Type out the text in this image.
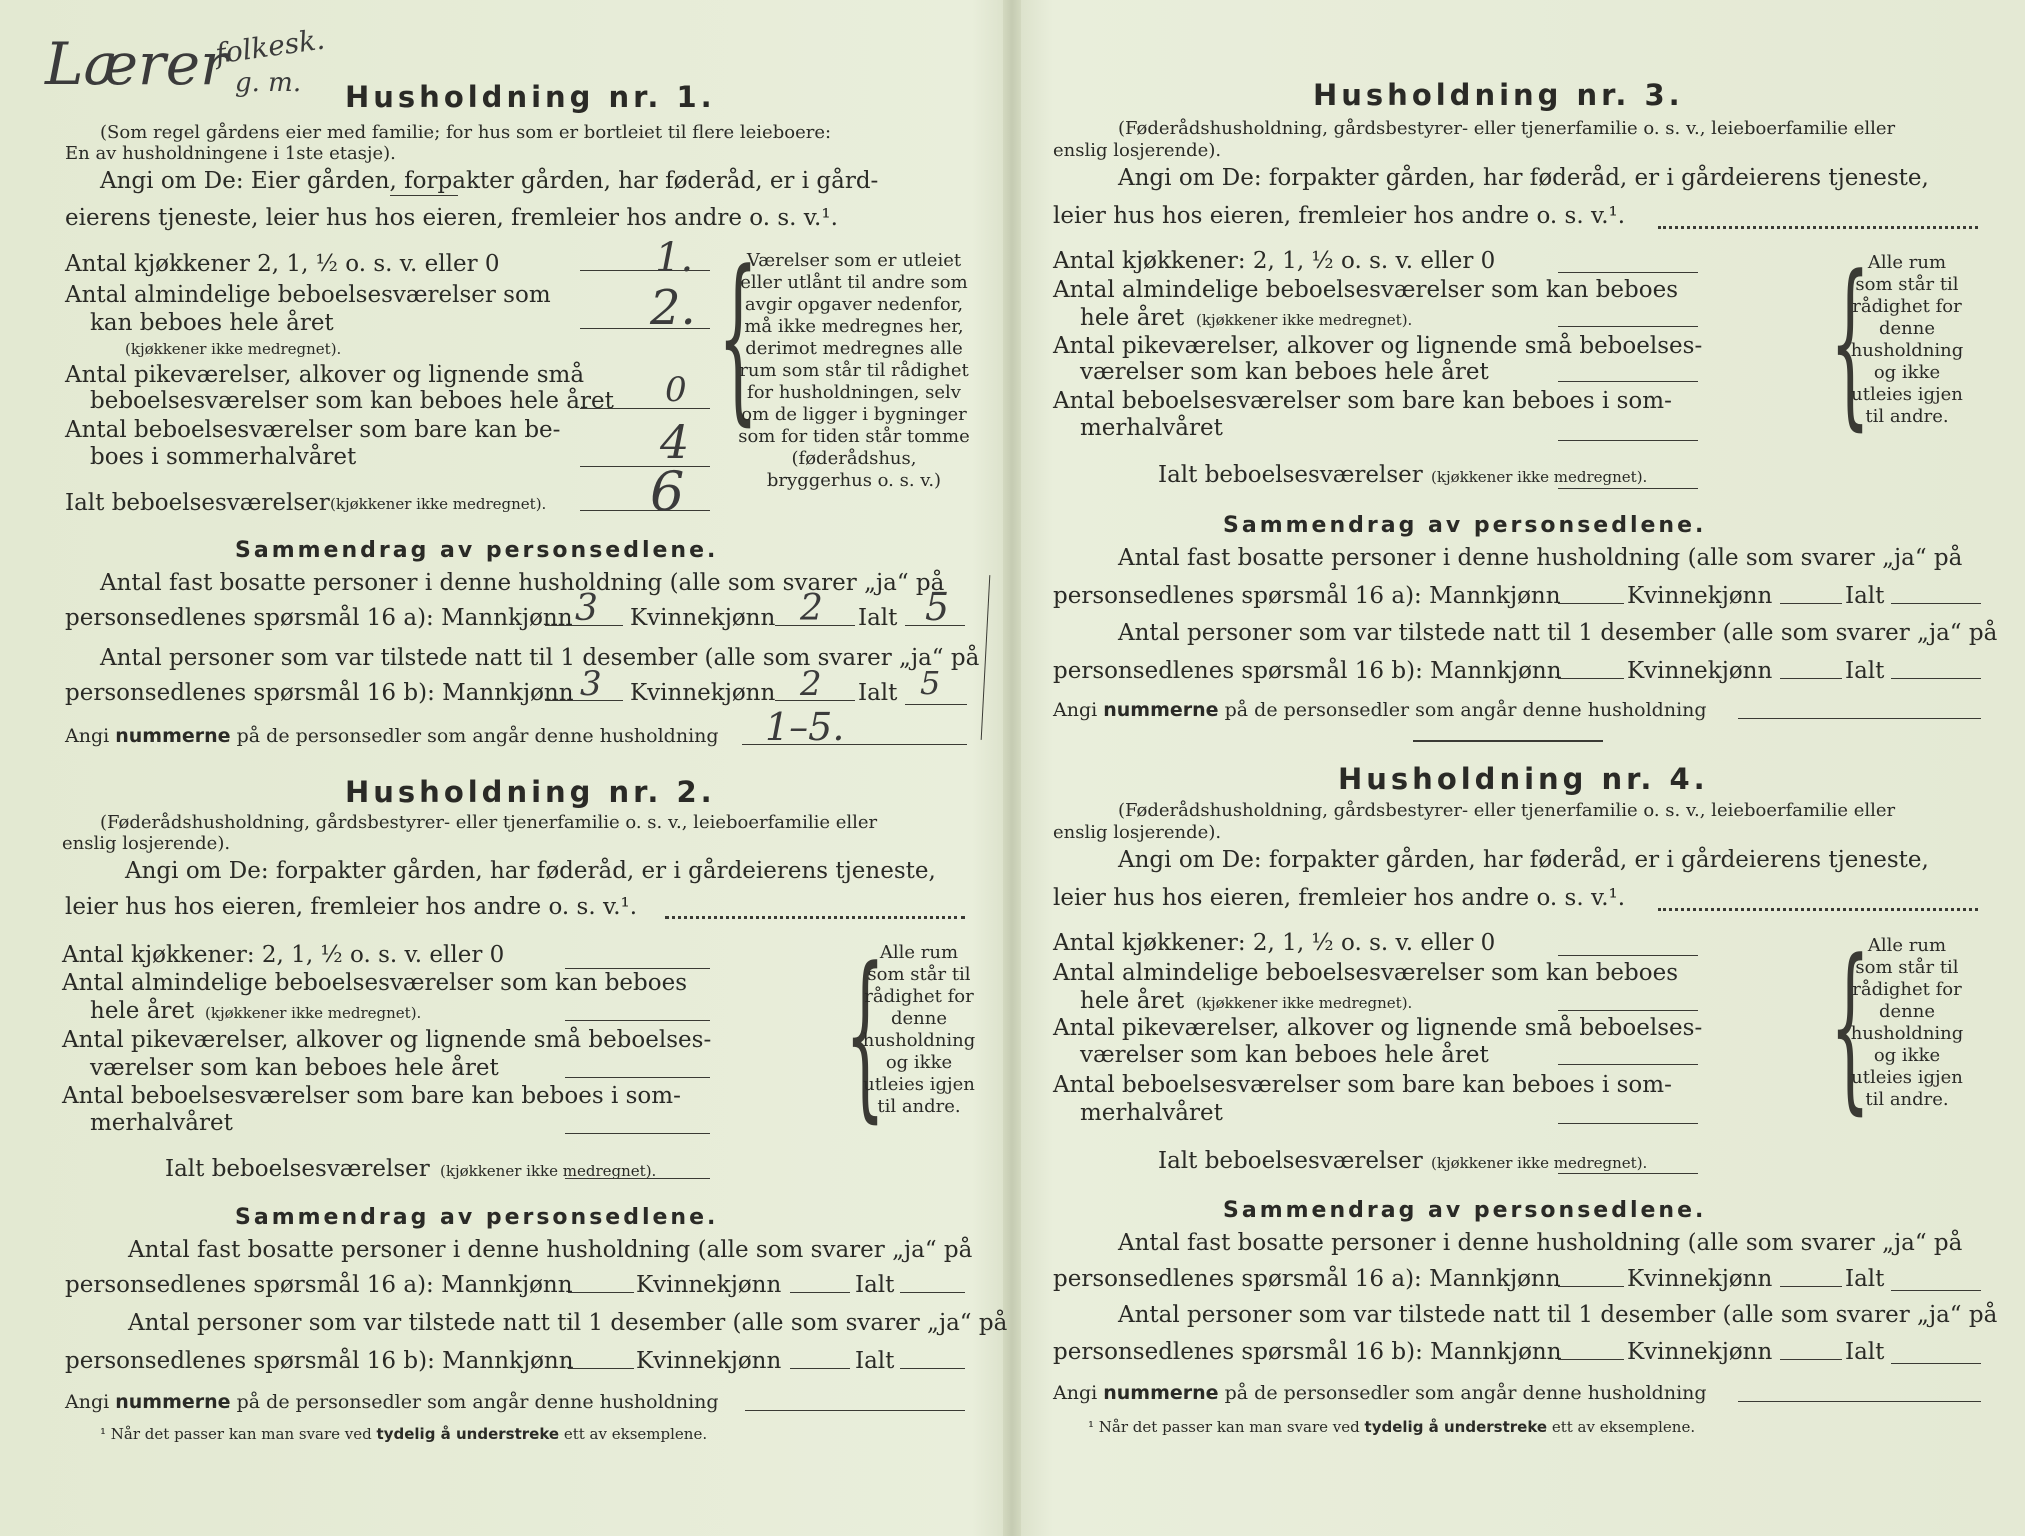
Lærer
folkesk.
g. m. Husholdning nr. 1.
(Som regel gårdens eier med familie; for hus som er bortleiet til flere leieboere:
En av husholdningene i 1ste etasje).
Angi om De: Eier gården, forpakter gården, har føderåd, er i gård-
eierens tjeneste, leier hus hos eieren, fremleier hos andre o. s. v.¹.
Antal kjøkkener 2, 1, ½ o. s. v. eller 0	1.
Antal almindelige beboelsesværelser som
kan beboes hele året
(kjøkkener ikke medregnet).
2.
Antal pikeværelser, alkover og lignende små
beboelsesværelser som kan beboes hele året 0
Antal beboelsesværelser som bare kan be-
boes i sommerhalvåret	4
Ialt beboelsesværelser (kjøkkener ikke medregnet). 6
{
Værelser som er utleiet eller utlånt til andre som avgir opgaver nedenfor, må ikke medregnes her, derimot medregnes alle rum som står til rådighet for husholdningen, selv om de ligger i bygninger som for tiden står tomme (føderådshus, bryggerhus o. s. v.)
Sammendrag av personsedlene.
Antal fast bosatte personer i denne husholdning (alle som svarer „ja“ på
personsedlenes spørsmål 16 a): Mannkjønn 3 Kvinnekjønn 2 Ialt 5
Antal personer som var tilstede natt til 1 desember (alle som svarer „ja“ på
personsedlenes spørsmål 16 b): Mannkjønn 3 Kvinnekjønn 2 Ialt 5
Angi nummerne på de personsedler som angår denne husholdning 1–5.
Husholdning nr. 2.
(Føderådshusholdning, gårdsbestyrer- eller tjenerfamilie o. s. v., leieboerfamilie eller
enslig losjerende).
Angi om De: forpakter gården, har føderåd, er i gårdeierens tjeneste,
leier hus hos eieren, fremleier hos andre o. s. v.¹.
Antal kjøkkener: 2, 1, ½ o. s. v. eller 0
Antal almindelige beboelsesværelser som kan beboes
hele året (kjøkkener ikke medregnet).
Antal pikeværelser, alkover og lignende små beboelses-
værelser som kan beboes hele året
Antal beboelsesværelser som bare kan beboes i som-
merhalvåret
Ialt beboelsesværelser (kjøkkener ikke medregnet).
{
Alle rum som står til rådighet for denne husholdning og ikke utleies igjen til andre.
Sammendrag av personsedlene.
Antal fast bosatte personer i denne husholdning (alle som svarer „ja“ på
personsedlenes spørsmål 16 a): Mannkjønn	Kvinnekjønn	Ialt
Antal personer som var tilstede natt til 1 desember (alle som svarer „ja“ på
personsedlenes spørsmål 16 b): Mannkjønn	Kvinnekjønn	Ialt
Angi nummerne på de personsedler som angår denne husholdning
¹ Når det passer kan man svare ved tydelig å understreke ett av eksemplene.
Husholdning nr. 3.
(Føderådshusholdning, gårdsbestyrer- eller tjenerfamilie o. s. v., leieboerfamilie eller
enslig losjerende).
Angi om De: forpakter gården, har føderåd, er i gårdeierens tjeneste,
leier hus hos eieren, fremleier hos andre o. s. v.¹.
Antal kjøkkener: 2, 1, ½ o. s. v. eller 0
Antal almindelige beboelsesværelser som kan beboes
hele året (kjøkkener ikke medregnet).
Antal pikeværelser, alkover og lignende små beboelses-
værelser som kan beboes hele året
Antal beboelsesværelser som bare kan beboes i som-
merhalvåret
Ialt beboelsesværelser (kjøkkener ikke medregnet).
{
Alle rum som står til rådighet for denne husholdning og ikke utleies igjen til andre.
Sammendrag av personsedlene.
Antal fast bosatte personer i denne husholdning (alle som svarer „ja“ på
personsedlenes spørsmål 16 a): Mannkjønn	Kvinnekjønn	Ialt
Antal personer som var tilstede natt til 1 desember (alle som svarer „ja“ på
personsedlenes spørsmål 16 b): Mannkjønn	Kvinnekjønn	Ialt
Angi nummerne på de personsedler som angår denne husholdning
Husholdning nr. 4.
(Føderådshusholdning, gårdsbestyrer- eller tjenerfamilie o. s. v., leieboerfamilie eller
enslig losjerende).
Angi om De: forpakter gården, har føderåd, er i gårdeierens tjeneste,
leier hus hos eieren, fremleier hos andre o. s. v.¹.
Antal kjøkkener: 2, 1, ½ o. s. v. eller 0
Antal almindelige beboelsesværelser som kan beboes
hele året (kjøkkener ikke medregnet).
Antal pikeværelser, alkover og lignende små beboelses-
værelser som kan beboes hele året
Antal beboelsesværelser som bare kan beboes i som-
merhalvåret
Ialt beboelsesværelser (kjøkkener ikke medregnet).
{
Alle rum som står til rådighet for denne husholdning og ikke utleies igjen til andre.
Sammendrag av personsedlene.
Antal fast bosatte personer i denne husholdning (alle som svarer „ja“ på
personsedlenes spørsmål 16 a): Mannkjønn	Kvinnekjønn	Ialt
Antal personer som var tilstede natt til 1 desember (alle som svarer „ja“ på
personsedlenes spørsmål 16 b): Mannkjønn	Kvinnekjønn	Ialt
Angi nummerne på de personsedler som angår denne husholdning
¹ Når det passer kan man svare ved tydelig å understreke ett av eksemplene.
